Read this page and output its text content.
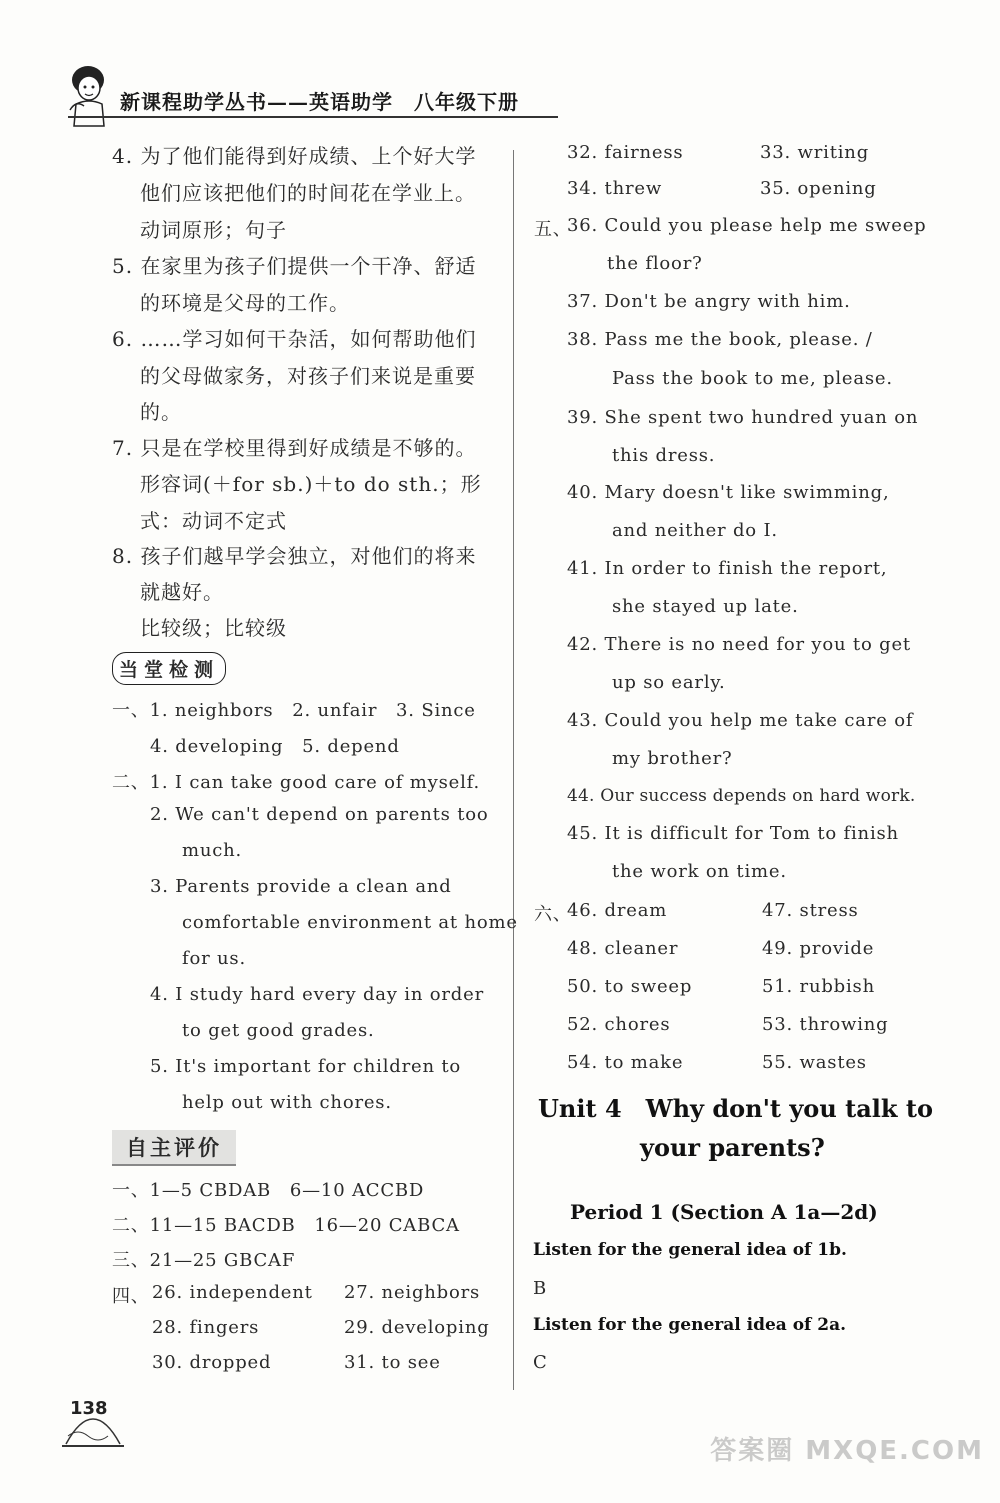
新课程助学丛书——英语助学　八年级下册
4. 为了他们能得到好成绩、上个好大学
他们应该把他们的时间花在学业上。
动词原形；句子
5. 在家里为孩子们提供一个干净、舒适
的环境是父母的工作。
6. ……学习如何干杂活，如何帮助他们
的父母做家务，对孩子们来说是重要
的。
7. 只是在学校里得到好成绩是不够的。
形容词(＋for sb.)＋to do sth.；形
式：动词不定式
8. 孩子们越早学会独立，对他们的将来
就越好。
比较级；比较级
当堂检测
一、1. neighbors　2. unfair　3. Since
4. developing　5. depend
二、1. I can take good care of myself.
2. We can't depend on parents too
much.
3. Parents provide a clean and
comfortable environment at home
for us.
4. I study hard every day in order
to get good grades.
5. It's important for children to
help out with chores.
自主评价
一、1—5 CBDAB　6—10 ACCBD
二、11—15 BACDB　16—20 CABCA
三、21—25 GBCAF
四、 26. independent 27. neighbors
28. fingers	29. developing
30. dropped	31. to see
32. fairness	33. writing
34. threw	35. opening
五、
36. Could you please help me sweep
the floor?
37. Don't be angry with him.
38. Pass me the book, please. /
Pass the book to me, please.
39. She spent two hundred yuan on
this dress.
40. Mary doesn't like swimming,
and neither do I.
41. In order to finish the report,
she stayed up late.
42. There is no need for you to get
up so early.
43. Could you help me take care of
my brother?
44. Our success depends on hard work.
45. It is difficult for Tom to finish
the work on time.
六、
46. dream	47. stress
48. cleaner	49. provide
50. to sweep	51. rubbish
52. chores	53. throwing
54. to make	55. wastes
Unit 4　Why don't you talk to
your parents?
Period 1 (Section A 1a—2d)
Listen for the general idea of 1b.
B
Listen for the general idea of 2a.
C
138
答案圈 MXQE.COM
